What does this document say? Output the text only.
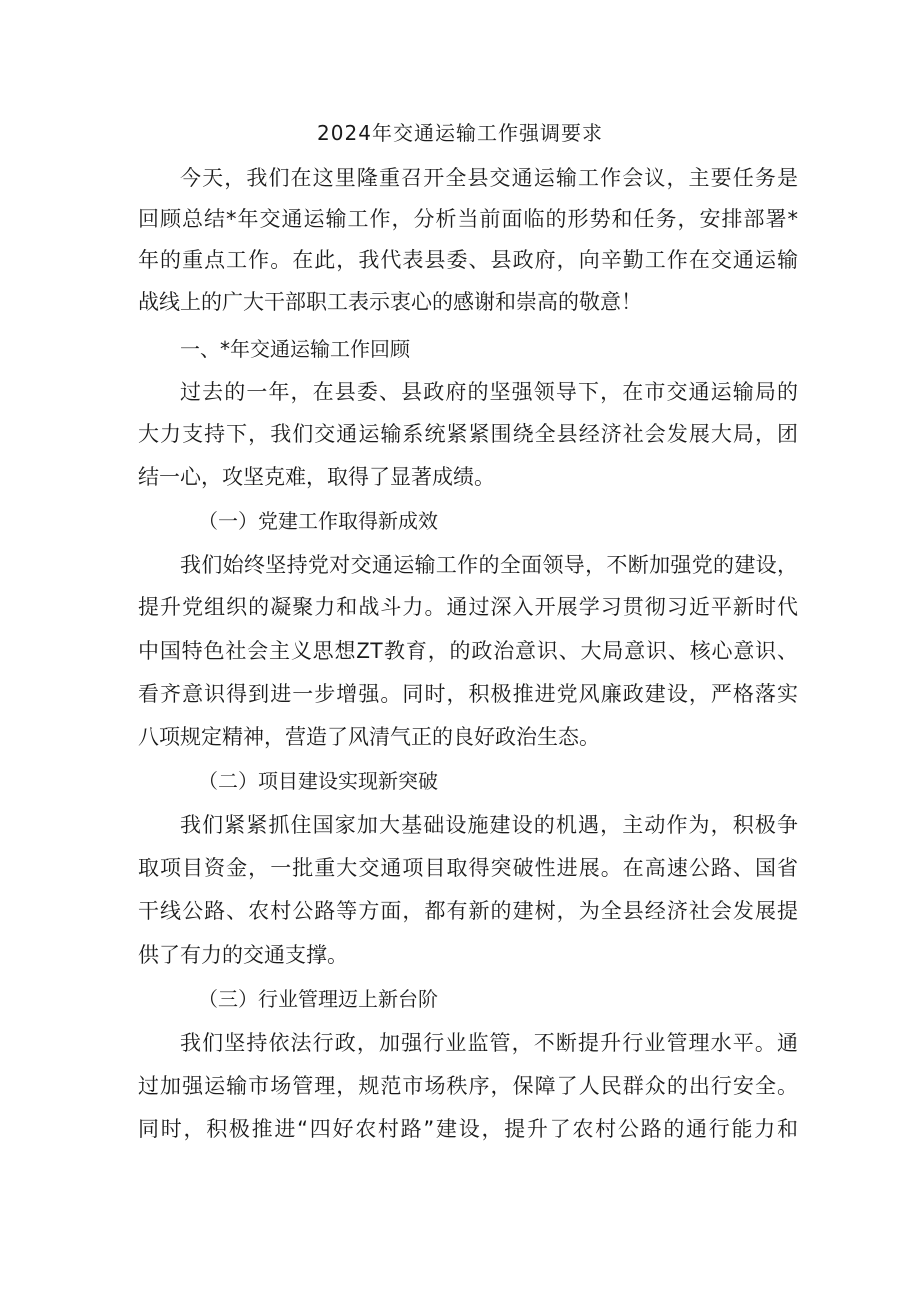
2024年交通运输工作强调要求
今天，我们在这里隆重召开全县交通运输工作会议，主要任务是
回顾总结*年交通运输工作，分析当前面临的形势和任务，安排部署*
年的重点工作。在此，我代表县委、县政府，向辛勤工作在交通运输
战线上的广大干部职工表示衷心的感谢和崇高的敬意！
一、*年交通运输工作回顾
过去的一年，在县委、县政府的坚强领导下，在市交通运输局的
大力支持下，我们交通运输系统紧紧围绕全县经济社会发展大局，团
结一心，攻坚克难，取得了显著成绩。
（一）党建工作取得新成效
我们始终坚持党对交通运输工作的全面领导，不断加强党的建设，
提升党组织的凝聚力和战斗力。通过深入开展学习贯彻习近平新时代
中国特色社会主义思想ZT教育，的政治意识、大局意识、核心意识、
看齐意识得到进一步增强。同时，积极推进党风廉政建设，严格落实
八项规定精神，营造了风清气正的良好政治生态。
（二）项目建设实现新突破
我们紧紧抓住国家加大基础设施建设的机遇，主动作为，积极争
取项目资金，一批重大交通项目取得突破性进展。在高速公路、国省
干线公路、农村公路等方面，都有新的建树，为全县经济社会发展提
供了有力的交通支撑。
（三）行业管理迈上新台阶
我们坚持依法行政，加强行业监管，不断提升行业管理水平。通
过加强运输市场管理，规范市场秩序，保障了人民群众的出行安全。
同时，积极推进“四好农村路”建设，提升了农村公路的通行能力和
